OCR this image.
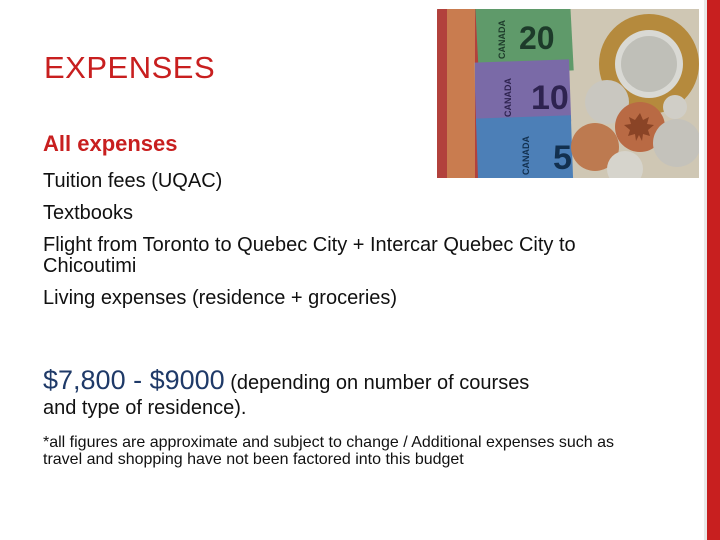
EXPENSES
20
10
5
CANADA
CANADA
CANADA
All expenses
Tuition fees (UQAC)
Textbooks
Flight from Toronto to Quebec City + Intercar Quebec City to Chicoutimi
Living expenses (residence + groceries)
$7,800 - $9000 (depending on number of courses
and type of residence).
*all figures are approximate and subject to change / Additional expenses such as travel and shopping have not been factored into this budget
